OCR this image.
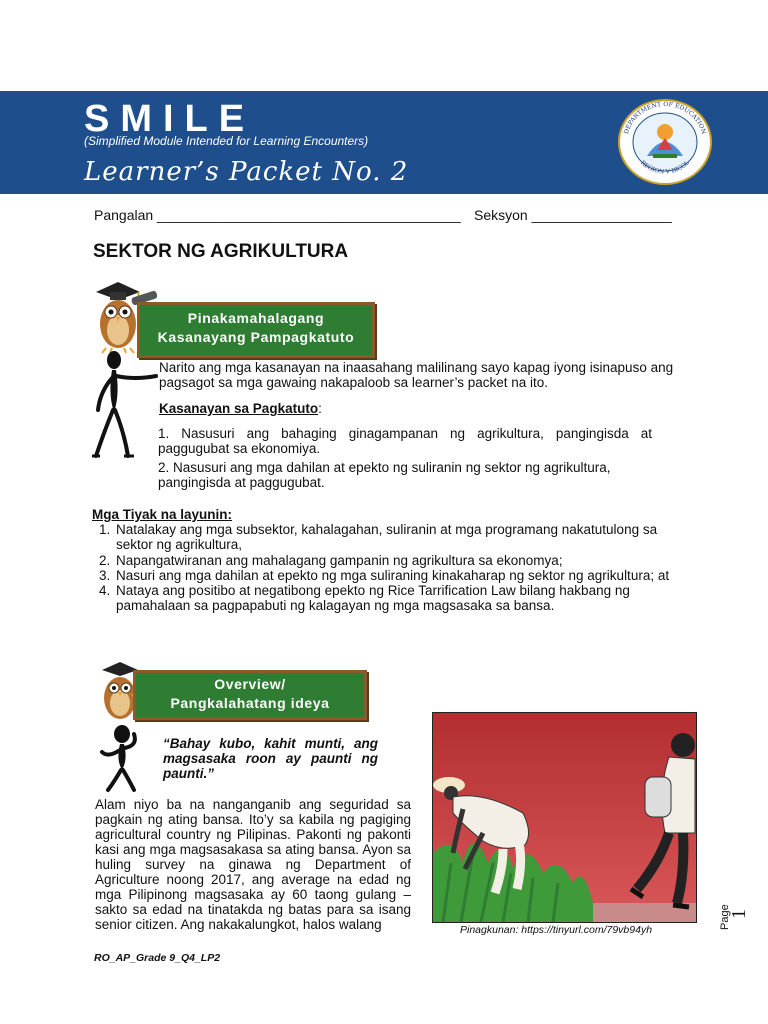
SMILE
(Simplified Module Intended for Learning Encounters)
Learner’s Packet No. 2
DEPARTMENT OF EDUCATION
REGION V BICOL
Pangalan _______________________________________ Seksyon __________________
SEKTOR NG AGRIKULTURA
Pinakamahalagang
Kasanayang Pampagkatuto
Narito ang mga kasanayan na inaasahang malilinang sayo kapag iyong isinapuso ang pagsagot sa mga gawaing nakapaloob sa learner’s packet na ito.
Kasanayan sa Pagkatuto:
1. Nasusuri ang bahaging ginagampanan ng agrikultura, pangingisda at paggugubat sa ekonomiya.
2. Nasusuri ang mga dahilan at epekto ng suliranin ng sektor ng agrikultura, pangingisda at paggugubat.
Mga Tiyak na layunin:
1. Natalakay ang mga subsektor, kahalagahan, suliranin at mga programang nakatutulong sa sektor ng agrikultura,
2. Napangatwiranan ang mahalagang gampanin ng agrikultura sa ekonomya;
3. Nasuri ang mga dahilan at epekto ng mga suliraning kinakaharap ng sektor ng agrikultura; at
4. Nataya ang positibo at negatibong epekto ng Rice Tarrification Law bilang hakbang ng pamahalaan sa pagpapabuti ng kalagayan ng mga magsasaka sa bansa.
Overview/
Pangkalahatang ideya
“Bahay kubo, kahit munti, ang magsasaka roon ay paunti ng paunti.”
Alam niyo ba na nanganganib ang seguridad sa pagkain ng ating bansa. Ito’y sa kabila ng pagiging agricultural country ng Pilipinas. Pakonti ng pakonti kasi ang mga magsasakasa sa ating bansa. Ayon sa huling survey na ginawa ng Department of Agriculture noong 2017, ang average na edad ng mga Pilipinong magsasaka ay 60 taong gulang – sakto sa edad na tinatakda ng batas para sa isang senior citizen. Ang nakakalungkot, halos walang	Pinagkunan: https://tinyurl.com/79vb94yh
RO_AP_Grade 9_Q4_LP2
Page
1
